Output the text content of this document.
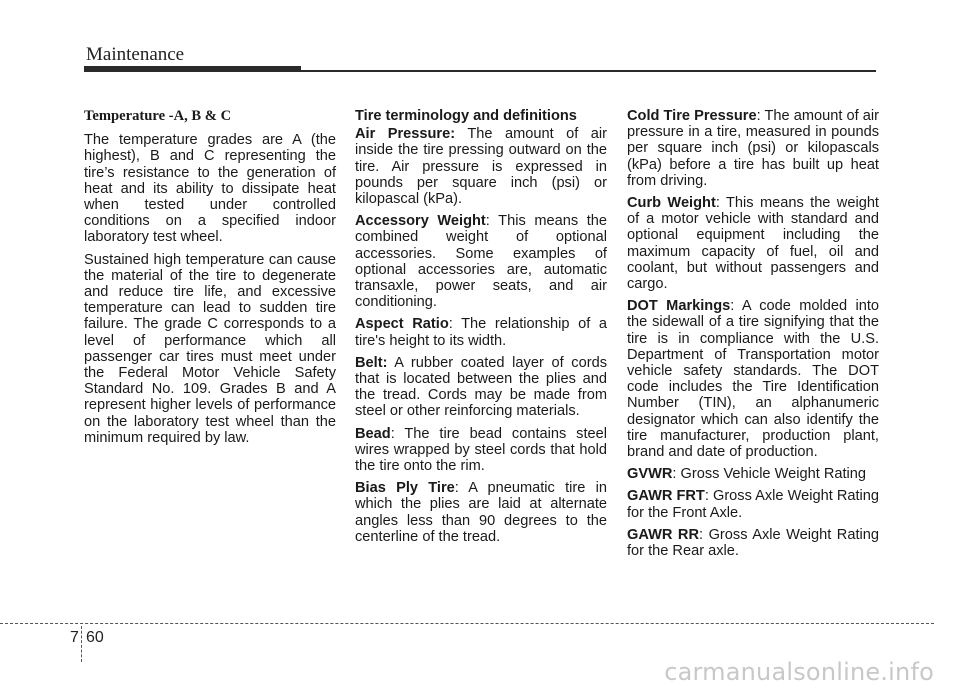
Maintenance
Temperature -A, B & C

The temperature grades are A (the highest), B and C representing the tire’s resistance to the generation of heat and its ability to dissipate heat when tested under controlled conditions on a specified indoor laboratory test wheel.

Sustained high temperature can cause the material of the tire to degenerate and reduce tire life, and excessive temperature can lead to sudden tire failure. The grade C corresponds to a level of performance which all passenger car tires must meet under the Federal Motor Vehicle Safety Standard No. 109. Grades B and A represent higher levels of performance on the laboratory test wheel than the minimum required by law.

Tire terminology and definitions

Air Pressure: The amount of air inside the tire pressing outward on the tire. Air pressure is expressed in pounds per square inch (psi) or kilopascal (kPa).

Accessory Weight: This means the combined weight of optional accessories. Some examples of optional accessories are, automatic transaxle, power seats, and air conditioning.

Aspect Ratio: The relationship of a tire's height to its width.

Belt: A rubber coated layer of cords that is located between the plies and the tread. Cords may be made from steel or other reinforcing materials.

Bead: The tire bead contains steel wires wrapped by steel cords that hold the tire onto the rim.

Bias Ply Tire: A pneumatic tire in which the plies are laid at alternate angles less than 90 degrees to the centerline of the tread.

Cold Tire Pressure: The amount of air pressure in a tire, measured in pounds per square inch (psi) or kilopascals (kPa) before a tire has built up heat from driving.

Curb Weight: This means the weight of a motor vehicle with standard and optional equipment including the maximum capacity of fuel, oil and coolant, but without passengers and cargo.

DOT Markings: A code molded into the sidewall of a tire signifying that the tire is in compliance with the U.S. Department of Transportation motor vehicle safety standards. The DOT code includes the Tire Identification Number (TIN), an alphanumeric designator which can also identify the tire manufacturer, production plant, brand and date of production.

GVWR: Gross Vehicle Weight Rating

GAWR FRT: Gross Axle Weight Rating for the Front Axle.

GAWR RR: Gross Axle Weight Rating for the Rear axle.

7 60
carmanualsonline.info
